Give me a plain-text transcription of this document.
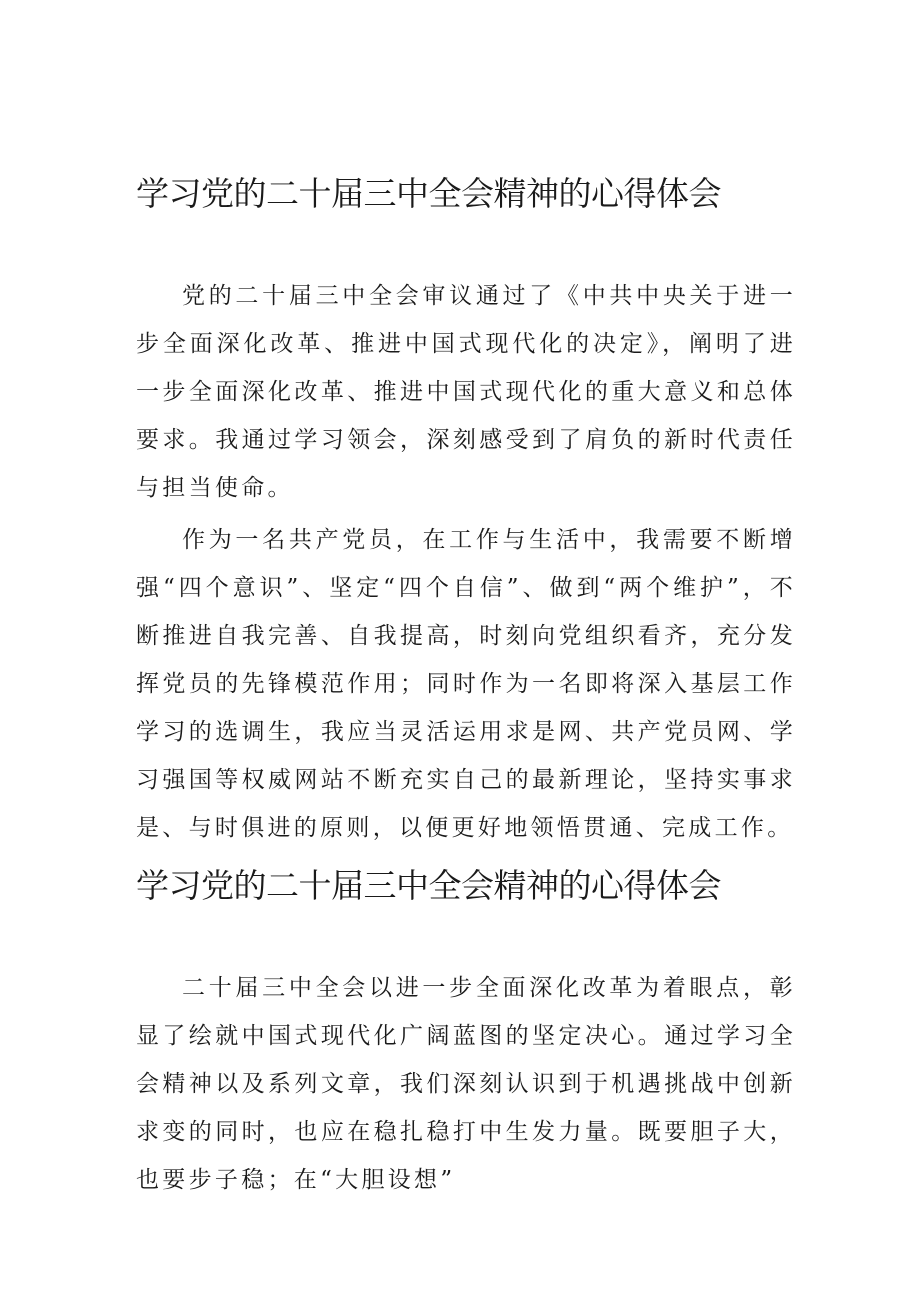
学习党的二十届三中全会精神的心得体会

党的二十届三中全会审议通过了《中共中央关于进一步全面深化改革、推进中国式现代化的决定》，阐明了进一步全面深化改革、推进中国式现代化的重大意义和总体要求。我通过学习领会，深刻感受到了肩负的新时代责任与担当使命。

作为一名共产党员，在工作与生活中，我需要不断增强“四个意识”、坚定“四个自信”、做到“两个维护”，不断推进自我完善、自我提高，时刻向党组织看齐，充分发挥党员的先锋模范作用；同时作为一名即将深入基层工作学习的选调生，我应当灵活运用求是网、共产党员网、学习强国等权威网站不断充实自己的最新理论，坚持实事求是、与时俱进的原则，以便更好地领悟贯通、完成工作。

学习党的二十届三中全会精神的心得体会

二十届三中全会以进一步全面深化改革为着眼点，彰显了绘就中国式现代化广阔蓝图的坚定决心。通过学习全会精神以及系列文章，我们深刻认识到于机遇挑战中创新求变的同时，也应在稳扎稳打中生发力量。既要胆子大，也要步子稳；在“大胆设想”
